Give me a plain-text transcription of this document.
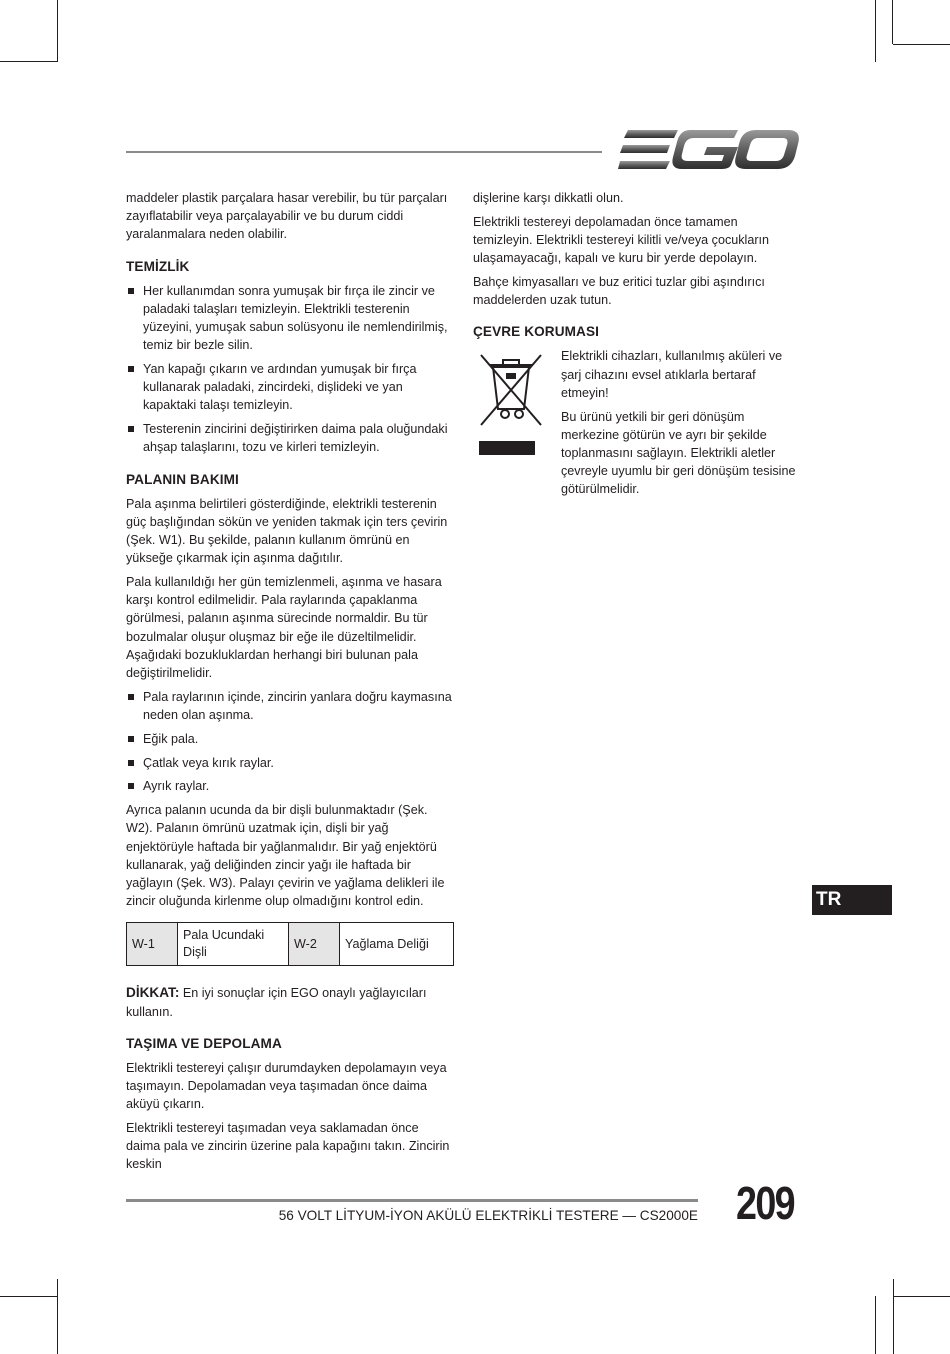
maddeler plastik parçalara hasar verebilir, bu tür parçaları zayıflatabilir veya parçalayabilir ve bu durum ciddi yaralanmalara neden olabilir.

TEMİZLİK
Her kullanımdan sonra yumuşak bir fırça ile zincir ve paladaki talaşları temizleyin. Elektrikli testerenin yüzeyini, yumuşak sabun solüsyonu ile nemlendirilmiş, temiz bir bezle silin.
Yan kapağı çıkarın ve ardından yumuşak bir fırça kullanarak paladaki, zincirdeki, dişlideki ve yan kapaktaki talaşı temizleyin.
Testerenin zincirini değiştirirken daima pala oluğundaki ahşap talaşlarını, tozu ve kirleri temizleyin.
PALANIN BAKIMI

Pala aşınma belirtileri gösterdiğinde, elektrikli testerenin güç başlığından sökün ve yeniden takmak için ters çevirin (Şek. W1). Bu şekilde, palanın kullanım ömrünü en yükseğe çıkarmak için aşınma dağıtılır.

Pala kullanıldığı her gün temizlenmeli, aşınma ve hasara karşı kontrol edilmelidir. Pala raylarında çapaklanma görülmesi, palanın aşınma sürecinde normaldir. Bu tür bozulmalar oluşur oluşmaz bir eğe ile düzeltilmelidir. Aşağıdaki bozukluklardan herhangi biri bulunan pala değiştirilmelidir.

Pala raylarının içinde, zincirin yanlara doğru kaymasına neden olan aşınma.
Eğik pala.
Çatlak veya kırık raylar.
Ayrık raylar.

Ayrıca palanın ucunda da bir dişli bulunmaktadır (Şek. W2). Palanın ömrünü uzatmak için, dişli bir yağ enjektörüyle haftada bir yağlanmalıdır. Bir yağ enjektörü kullanarak, yağ deliğinden zincir yağı ile haftada bir yağlayın (Şek. W3). Palayı çevirin ve yağlama delikleri ile zincir oluğunda kirlenme olup olmadığını kontrol edin.

W-1	Pala Ucundaki Dişli	W-2	Yağlama Deliği

DİKKAT: En iyi sonuçlar için EGO onaylı yağlayıcıları kullanın.

TAŞIMA VE DEPOLAMA

Elektrikli testereyi çalışır durumdayken depolamayın veya taşımayın. Depolamadan veya taşımadan önce daima aküyü çıkarın.

Elektrikli testereyi taşımadan veya saklamadan önce daima pala ve zincirin üzerine pala kapağını takın. Zincirin keskin

dişlerine karşı dikkatli olun.

Elektrikli testereyi depolamadan önce tamamen temizleyin. Elektrikli testereyi kilitli ve/veya çocukların ulaşamayacağı, kapalı ve kuru bir yerde depolayın.

Bahçe kimyasalları ve buz eritici tuzlar gibi aşındırıcı maddelerden uzak tutun.

ÇEVRE KORUMASI

Elektrikli cihazları, kullanılmış aküleri ve şarj cihazını evsel atıklarla bertaraf etmeyin!

Bu ürünü yetkili bir geri dönüşüm merkezine götürün ve ayrı bir şekilde toplanmasını sağlayın. Elektrikli aletler çevreyle uyumlu bir geri dönüşüm tesisine götürülmelidir.

TR
56 VOLT LİTYUM-İYON AKÜLÜ ELEKTRİKLİ TESTERE — CS2000E 209
